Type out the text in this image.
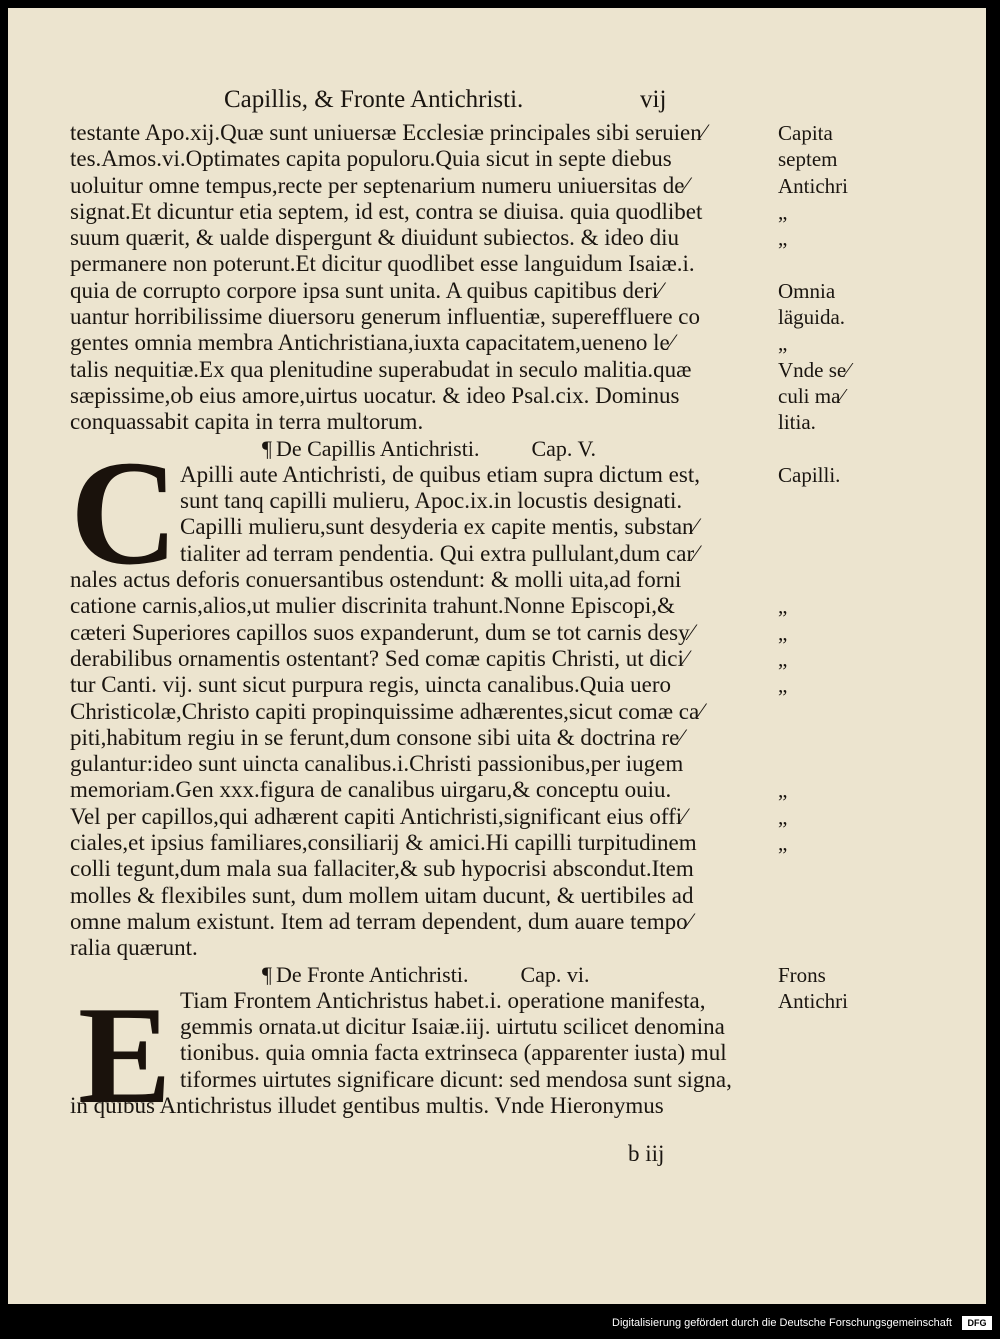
Capillis, & Fronte Antichristi.	vij
testante Apo.xij.Quæ sunt uniuersæ Ecclesiæ principales sibi seruien⁄
tes.Amos.vi.Optimates capita populoru.Quia sicut in septe diebus
uoluitur omne tempus,recte per septenarium numeru uniuersitas de⁄
signat.Et dicuntur etia septem, id est, contra se diuisa. quia quodlibet
suum quærit, & ualde dispergunt & diuidunt subiectos. & ideo diu
permanere non poterunt.Et dicitur quodlibet esse languidum Isaiæ.i.
quia de corrupto corpore ipsa sunt unita. A quibus capitibus deri⁄
uantur horribilissime diuersoru generum influentiæ, supereffluere co
gentes omnia membra Antichristiana,iuxta capacitatem,ueneno le⁄
talis nequitiæ.Ex qua plenitudine superabudat in seculo malitia.quæ
sæpissime,ob eius amore,uirtus uocatur. & ideo Psal.cix. Dominus
conquassabit capita in terra multorum.
¶ De Capillis Antichristi. Cap. V.
Apilli aute Antichristi, de quibus etiam supra dictum est,
sunt tanq capilli mulieru, Apoc.ix.in locustis designati.
Capilli mulieru,sunt desyderia ex capite mentis, substan⁄
tialiter ad terram pendentia. Qui extra pullulant,dum car⁄
nales actus deforis conuersantibus ostendunt: & molli uita,ad forni
catione carnis,alios,ut mulier discrinita trahunt.Nonne Episcopi,&
cæteri Superiores capillos suos expanderunt, dum se tot carnis desy⁄
derabilibus ornamentis ostentant? Sed comæ capitis Christi, ut dici⁄
tur Canti. vij. sunt sicut purpura regis, uincta canalibus.Quia uero
Christicolæ,Christo capiti propinquissime adhærentes,sicut comæ ca⁄
piti,habitum regiu in se ferunt,dum consone sibi uita & doctrina re⁄
gulantur:ideo sunt uincta canalibus.i.Christi passionibus,per iugem
memoriam.Gen xxx.figura de canalibus uirgaru,& conceptu ouiu.
Vel per capillos,qui adhærent capiti Antichristi,significant eius offi⁄
ciales,et ipsius familiares,consiliarij & amici.Hi capilli turpitudinem
colli tegunt,dum mala sua fallaciter,& sub hypocrisi abscondut.Item
molles & flexibiles sunt, dum mollem uitam ducunt, & uertibiles ad
omne malum existunt. Item ad terram dependent, dum auare tempo⁄
ralia quærunt.
¶ De Fronte Antichristi. Cap. vi.
Tiam Frontem Antichristus habet.i. operatione manifesta,
gemmis ornata.ut dicitur Isaiæ.iij. uirtutu scilicet denomina
tionibus. quia omnia facta extrinseca (apparenter iusta) mul
tiformes uirtutes significare dicunt: sed mendosa sunt signa,
in quibus Antichristus illudet gentibus multis. Vnde Hieronymus
C
E
Capita
septem
Antichri
„
„
Omnia
läguida.
„
Vnde se⁄
culi ma⁄
litia.
Capilli.
„
„
„
„
„
„
„
Frons
Antichri
b iij
Digitalisierung gefördert durch die Deutsche Forschungsgemeinschaft	DFG
